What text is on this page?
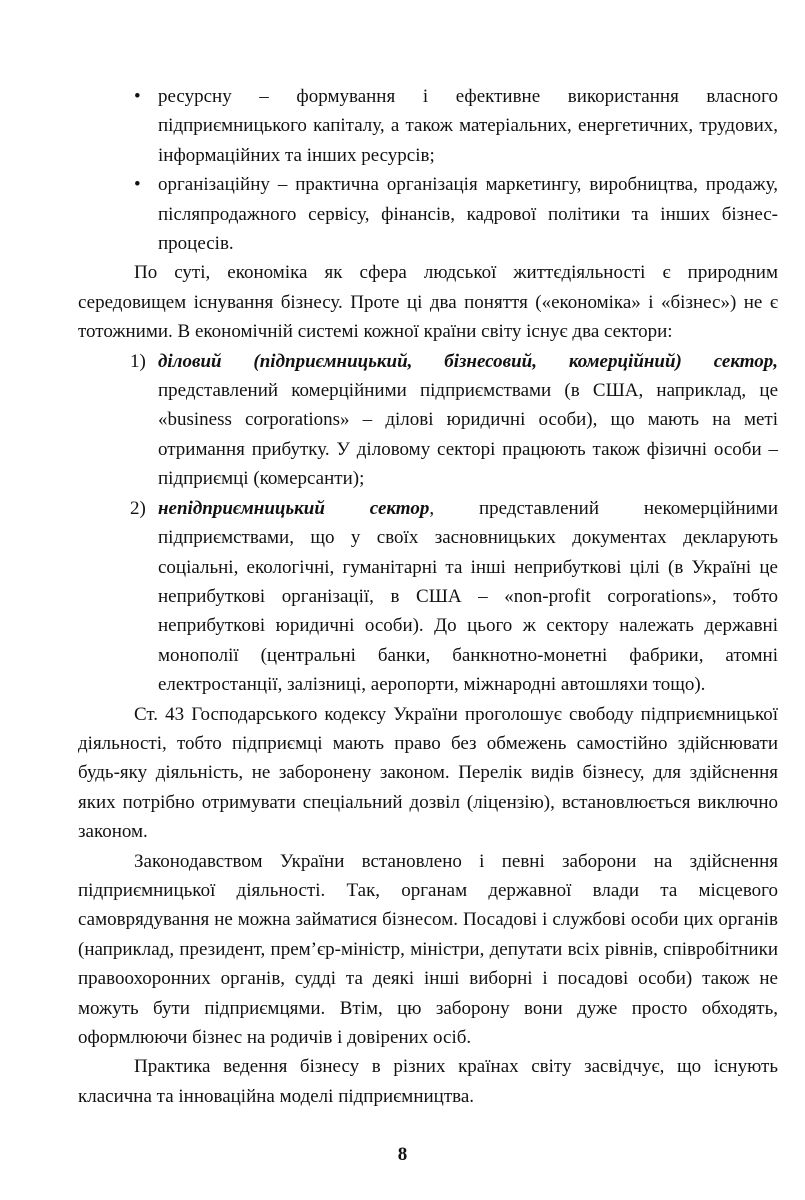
• ресурсну – формування і ефективне використання власного підприємницького капіталу, а також матеріальних, енергетичних, трудових, інформаційних та інших ресурсів;
• організаційну – практична організація маркетингу, виробництва, продажу, післяпродажного сервісу, фінансів, кадрової політики та інших бізнес-процесів.

По суті, економіка як сфера людської життєдіяльності є природним середовищем існування бізнесу. Проте ці два поняття («економіка» і «бізнес») не є тотожними. В економічній системі кожної країни світу існує два сектори:

1) діловий (підприємницький, бізнесовий, комерційний) сектор, представлений комерційними підприємствами (в США, наприклад, це «business corporations» – ділові юридичні особи), що мають на меті отримання прибутку. У діловому секторі працюють також фізичні особи – підприємці (комерсанти);
2) непідприємницький сектор, представлений некомерційними підприємствами, що у своїх засновницьких документах декларують соціальні, екологічні, гуманітарні та інші неприбуткові цілі (в Україні це неприбуткові організації, в США – «non-profit corporations», тобто неприбуткові юридичні особи). До цього ж сектору належать державні монополії (центральні банки, банкнотно-монетні фабрики, атомні електростанції, залізниці, аеропорти, міжнародні автошляхи тощо).

Ст. 43 Господарського кодексу України проголошує свободу підприємницької діяльності, тобто підприємці мають право без обмежень самостійно здійснювати будь-яку діяльність, не заборонену законом. Перелік видів бізнесу, для здійснення яких потрібно отримувати спеціальний дозвіл (ліцензію), встановлюється виключно законом.

Законодавством України встановлено і певні заборони на здійснення підприємницької діяльності. Так, органам державної влади та місцевого самоврядування не можна займатися бізнесом. Посадові і службові особи цих органів (наприклад, президент, прем’єр-міністр, міністри, депутати всіх рівнів, співробітники правоохоронних органів, судді та деякі інші виборні і посадові особи) також не можуть бути підприємцями. Втім, цю заборону вони дуже просто обходять, оформлюючи бізнес на родичів і довірених осіб.

Практика ведення бізнесу в різних країнах світу засвідчує, що існують класична та інноваційна моделі підприємництва.

8
